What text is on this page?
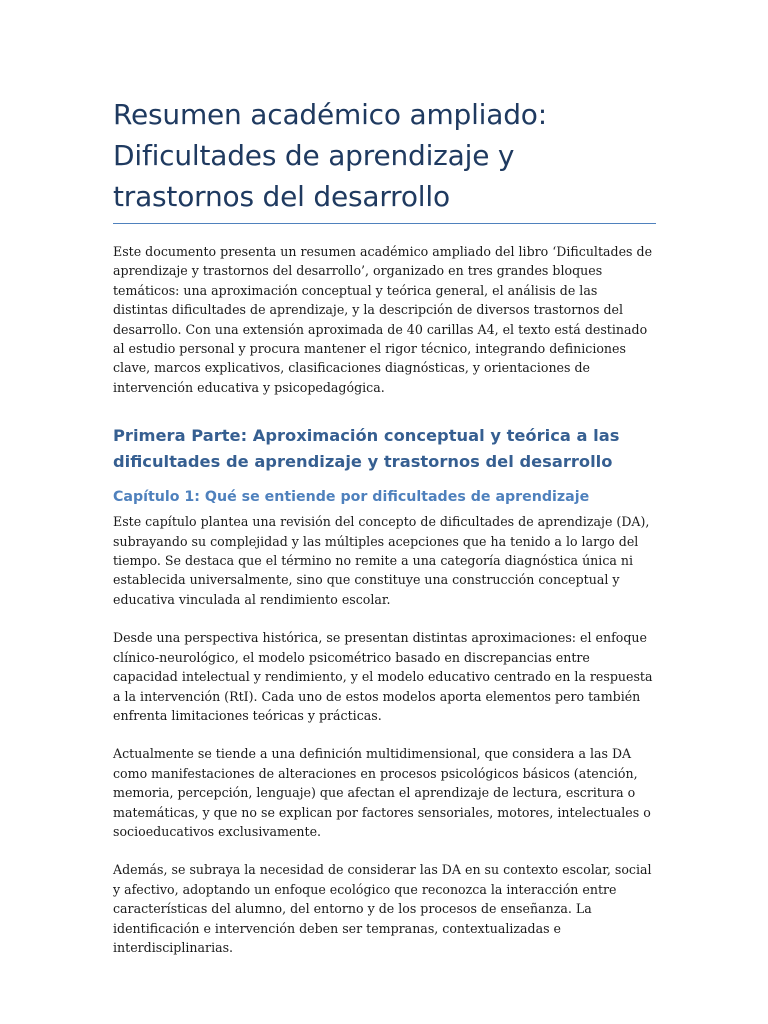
Resumen académico ampliado: Dificultades de aprendizaje y trastornos del desarrollo

Este documento presenta un resumen académico ampliado del libro ‘Dificultades de aprendizaje y trastornos del desarrollo’, organizado en tres grandes bloques temáticos: una aproximación conceptual y teórica general, el análisis de las distintas dificultades de aprendizaje, y la descripción de diversos trastornos del desarrollo. Con una extensión aproximada de 40 carillas A4, el texto está destinado al estudio personal y procura mantener el rigor técnico, integrando definiciones clave, marcos explicativos, clasificaciones diagnósticas, y orientaciones de intervención educativa y psicopedagógica.

Primera Parte: Aproximación conceptual y teórica a las dificultades de aprendizaje y trastornos del desarrollo
Capítulo 1: Qué se entiende por dificultades de aprendizaje

Este capítulo plantea una revisión del concepto de dificultades de aprendizaje (DA), subrayando su complejidad y las múltiples acepciones que ha tenido a lo largo del tiempo. Se destaca que el término no remite a una categoría diagnóstica única ni establecida universalmente, sino que constituye una construcción conceptual y educativa vinculada al rendimiento escolar.

Desde una perspectiva histórica, se presentan distintas aproximaciones: el enfoque clínico-neurológico, el modelo psicométrico basado en discrepancias entre capacidad intelectual y rendimiento, y el modelo educativo centrado en la respuesta a la intervención (RtI). Cada uno de estos modelos aporta elementos pero también enfrenta limitaciones teóricas y prácticas.

Actualmente se tiende a una definición multidimensional, que considera a las DA como manifestaciones de alteraciones en procesos psicológicos básicos (atención, memoria, percepción, lenguaje) que afectan el aprendizaje de lectura, escritura o matemáticas, y que no se explican por factores sensoriales, motores, intelectuales o socioeducativos exclusivamente.

Además, se subraya la necesidad de considerar las DA en su contexto escolar, social y afectivo, adoptando un enfoque ecológico que reconozca la interacción entre características del alumno, del entorno y de los procesos de enseñanza. La identificación e intervención deben ser tempranas, contextualizadas e interdisciplinarias.
